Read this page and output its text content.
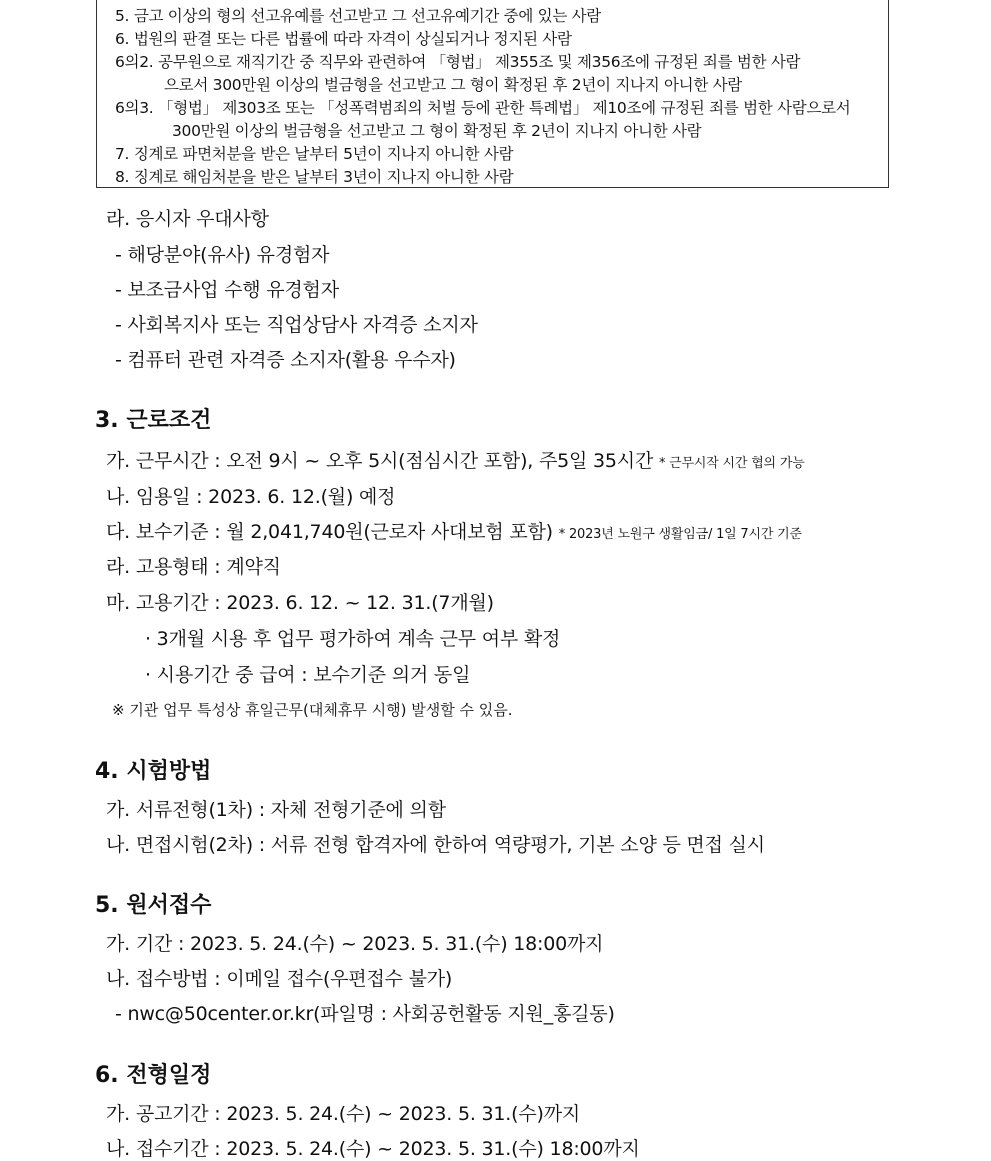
5. 금고 이상의 형의 선고유예를 선고받고 그 선고유예기간 중에 있는 사람
6. 법원의 판결 또는 다른 법률에 따라 자격이 상실되거나 정지된 사람
6의2. 공무원으로 재직기간 중 직무와 관련하여 「형법」 제355조 및 제356조에 규정된 죄를 범한 사람
으로서 300만원 이상의 벌금형을 선고받고 그 형이 확정된 후 2년이 지나지 아니한 사람
6의3. 「형법」 제303조 또는 「성폭력범죄의 처벌 등에 관한 특례법」 제10조에 규정된 죄를 범한 사람으로서
300만원 이상의 벌금형을 선고받고 그 형이 확정된 후 2년이 지나지 아니한 사람
7. 징계로 파면처분을 받은 날부터 5년이 지나지 아니한 사람
8. 징계로 해임처분을 받은 날부터 3년이 지나지 아니한 사람
라. 응시자 우대사항
- 해당분야(유사) 유경험자
- 보조금사업 수행 유경험자
- 사회복지사 또는 직업상담사 자격증 소지자
- 컴퓨터 관련 자격증 소지자(활용 우수자)
3. 근로조건
가. 근무시간 : 오전 9시 ~ 오후 5시(점심시간 포함), 주5일 35시간 * 근무시작 시간 협의 가능
나. 임용일 : 2023. 6. 12.(월) 예정
다. 보수기준 : 월 2,041,740원(근로자 사대보험 포함) * 2023년 노원구 생활임금/ 1일 7시간 기준
라. 고용형태 : 계약직
마. 고용기간 : 2023. 6. 12. ~ 12. 31.(7개월)
· 3개월 시용 후 업무 평가하여 계속 근무 여부 확정
· 시용기간 중 급여 : 보수기준 의거 동일
※ 기관 업무 특성상 휴일근무(대체휴무 시행) 발생할 수 있음.
4. 시험방법
가. 서류전형(1차) : 자체 전형기준에 의함
나. 면접시험(2차) : 서류 전형 합격자에 한하여 역량평가, 기본 소양 등 면접 실시
5. 원서접수
가. 기간 : 2023. 5. 24.(수) ~ 2023. 5. 31.(수) 18:00까지
나. 접수방법 : 이메일 접수(우편접수 불가)
- nwc@50center.or.kr(파일명 : 사회공헌활동 지원_홍길동)
6. 전형일정
가. 공고기간 : 2023. 5. 24.(수) ~ 2023. 5. 31.(수)까지
나. 접수기간 : 2023. 5. 24.(수) ~ 2023. 5. 31.(수) 18:00까지
